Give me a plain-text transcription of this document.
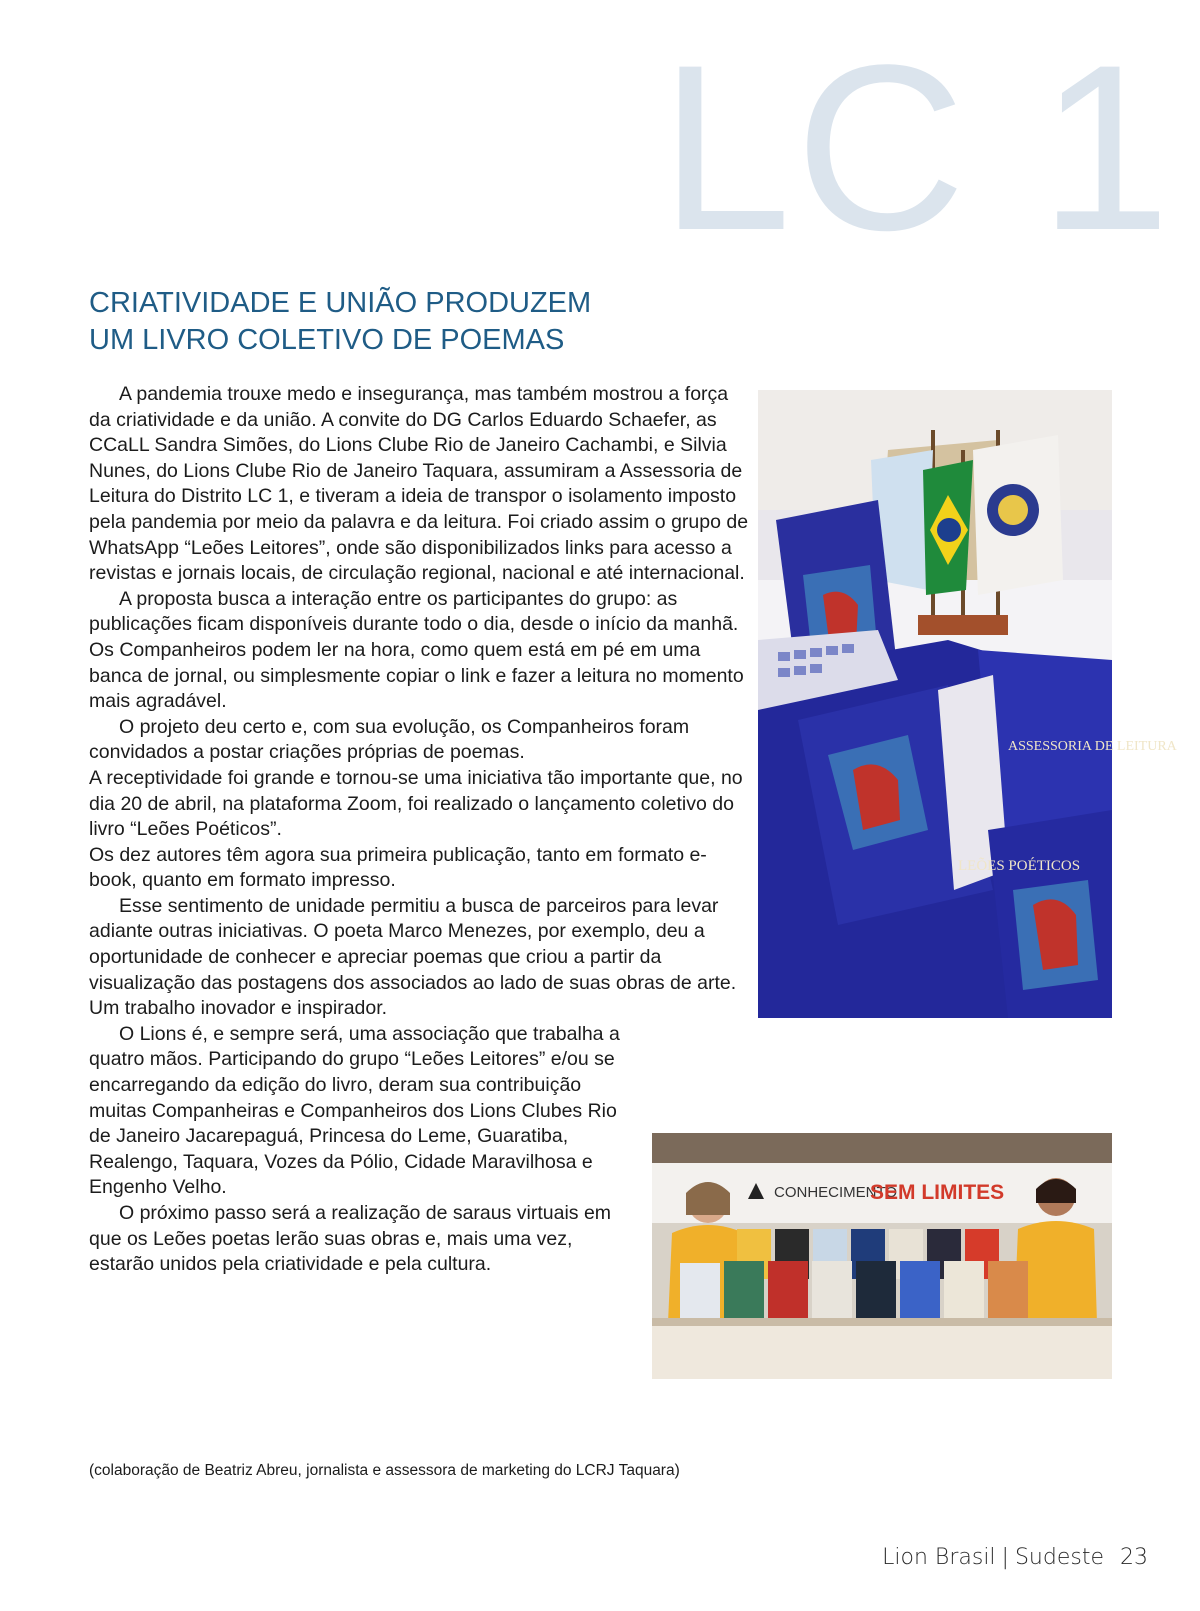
LC 1
CRIATIVIDADE E UNIÃO PRODUZEM
UM LIVRO COLETIVO DE POEMAS

A pandemia trouxe medo e insegurança, mas também mostrou a força da criatividade e da união. A convite do DG Carlos Eduardo Schaefer, as CCaLL Sandra Simões, do Lions Clube Rio de Janeiro Cachambi, e Silvia Nunes, do Lions Clube Rio de Janeiro Taquara, assumiram a Assessoria de Leitura do Distrito LC 1, e tiveram a ideia de transpor o isolamento imposto pela pandemia por meio da palavra e da leitura. Foi criado assim o grupo de WhatsApp “Leões Leitores”, onde são disponibilizados links para acesso a revistas e jornais locais, de circulação regional, nacional e até internacional.

A proposta busca a interação entre os participantes do grupo: as publicações ficam disponíveis durante todo o dia, desde o início da manhã. Os Companheiros podem ler na hora, como quem está em pé em uma banca de jornal, ou simplesmente copiar o link e fazer a leitura no momento mais agradável.

O projeto deu certo e, com sua evolução, os Companheiros foram convidados a postar criações próprias de poemas.

A receptividade foi grande e tornou-se uma iniciativa tão importante que, no dia 20 de abril, na plataforma Zoom, foi realizado o lançamento coletivo do livro “Leões Poéticos”.

Os dez autores têm agora sua primeira publicação, tanto em formato e-book, quanto em formato impresso.

Esse sentimento de unidade permitiu a busca de parceiros para levar adiante outras iniciativas. O poeta Marco Menezes, por exemplo, deu a oportunidade de conhecer e apreciar poemas que criou a partir da visualização das postagens dos associados ao lado de suas obras de arte. Um trabalho inovador e inspirador.

O Lions é, e sempre será, uma associação que trabalha a quatro mãos. Participando do grupo “Leões Leitores” e/ou se encarregando da edição do livro, deram sua contribuição muitas Companheiras e Companheiros dos Lions Clubes Rio de Janeiro Jacarepaguá, Princesa do Leme, Guaratiba, Realengo, Taquara, Vozes da Pólio, Cidade Maravilhosa e Engenho Velho.

O próximo passo será a realização de saraus virtuais em que os Leões poetas lerão suas obras e, mais uma vez, estarão unidos pela criatividade e pela cultura.

ASSESSORIA DE LEITURA
LEÕES POÉTICOS
CONHECIMENTO
SEM LIMITES
(colaboração de Beatriz Abreu, jornalista e assessora de marketing do LCRJ Taquara)
Lion Brasil | Sudeste 23
